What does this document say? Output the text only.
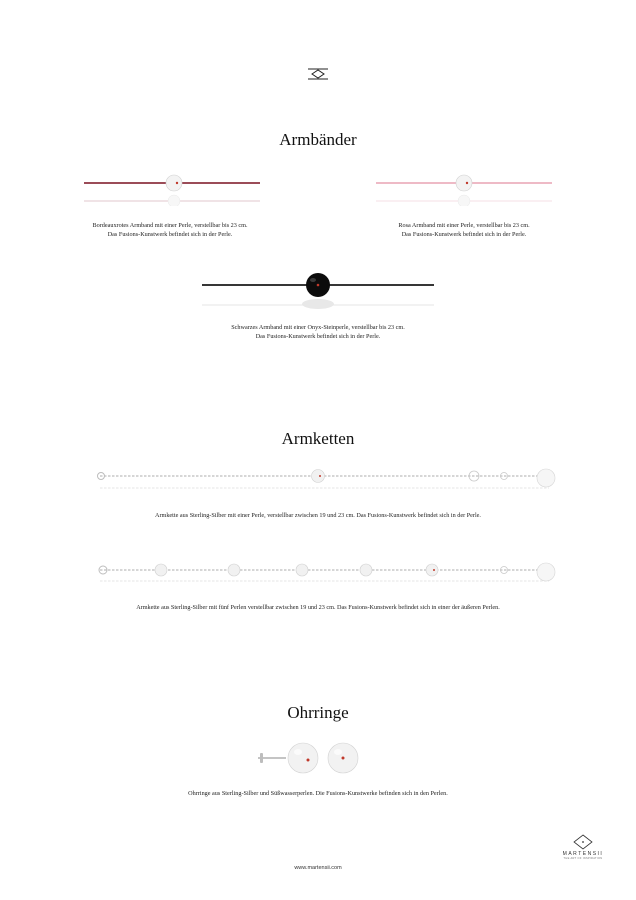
Armbänder
Bordeauxrotes Armband mit einer Perle, verstellbar bis 23 cm.
Das Fusions-Kunstwerk befindet sich in der Perle.
Rosa Armband mit einer Perle, verstellbar bis 23 cm.
Das Fusions-Kunstwerk befindet sich in der Perle.
Schwarzes Armband mit einer Onyx-Steinperle, verstellbar bis 23 cm.
Das Fusions-Kunstwerk befindet sich in der Perle.
Armketten
Armkette aus Sterling-Silber mit einer Perle, verstellbar zwischen 19 und 23 cm. Das Fusions-Kunstwerk befindet sich in der Perle.
Armkette aus Sterling-Silber mit fünf Perlen verstellbar zwischen 19 und 23 cm. Das Fusions-Kunstwerk befindet sich in einer der äußeren Perlen.
Ohrringe
Ohrringe aus Sterling-Silber und Süßwasserperlen. Die Fusions-Kunstwerke befinden sich in den Perlen.
MARTENSII
THE ART OF INSPIRATION
www.martensii.com
